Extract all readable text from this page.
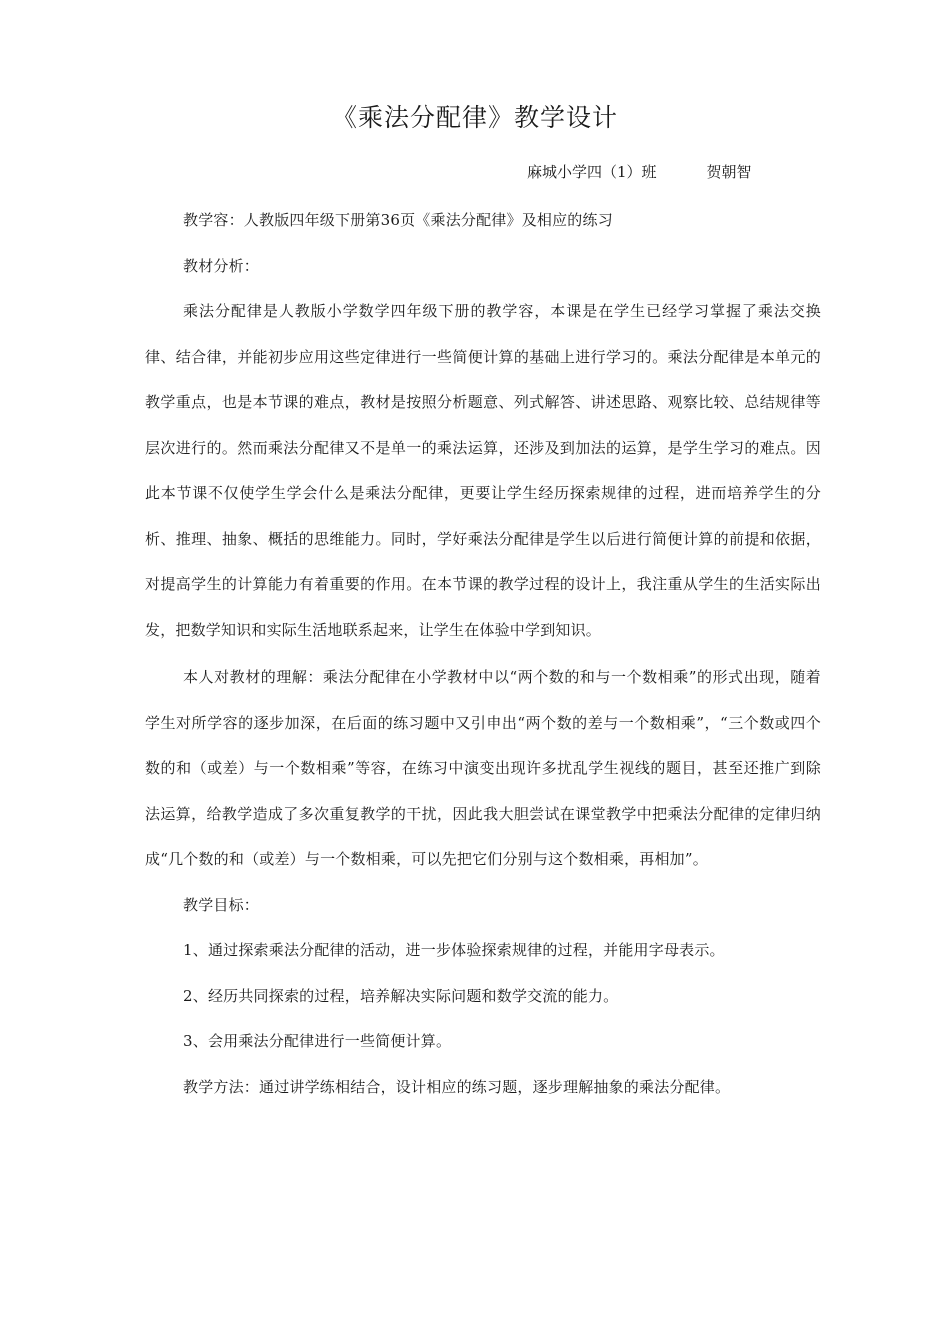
《乘法分配律》教学设计
麻城小学四（1）班	贺朝智

教学容：人教版四年级下册第36页《乘法分配律》及相应的练习

教材分析：

乘法分配律是人教版小学数学四年级下册的教学容，本课是在学生已经学习掌握了乘法交换律、结合律，并能初步应用这些定律进行一些简便计算的基础上进行学习的。乘法分配律是本单元的教学重点，也是本节课的难点，教材是按照分析题意、列式解答、讲述思路、观察比较、总结规律等层次进行的。然而乘法分配律又不是单一的乘法运算，还涉及到加法的运算，是学生学习的难点。因此本节课不仅使学生学会什么是乘法分配律，更要让学生经历探索规律的过程，进而培养学生的分析、推理、抽象、概括的思维能力。同时，学好乘法分配律是学生以后进行简便计算的前提和依据，对提高学生的计算能力有着重要的作用。在本节课的教学过程的设计上，我注重从学生的生活实际出发，把数学知识和实际生活地联系起来，让学生在体验中学到知识。

本人对教材的理解：乘法分配律在小学教材中以“两个数的和与一个数相乘”的形式出现，随着学生对所学容的逐步加深，在后面的练习题中又引申出“两个数的差与一个数相乘”，“三个数或四个数的和（或差）与一个数相乘”等容，在练习中演变出现许多扰乱学生视线的题目，甚至还推广到除法运算，给教学造成了多次重复教学的干扰，因此我大胆尝试在课堂教学中把乘法分配律的定律归纳成“几个数的和（或差）与一个数相乘，可以先把它们分别与这个数相乘，再相加”。

教学目标：

1、通过探索乘法分配律的活动，进一步体验探索规律的过程，并能用字母表示。

2、经历共同探索的过程，培养解决实际问题和数学交流的能力。

3、会用乘法分配律进行一些简便计算。

教学方法：通过讲学练相结合，设计相应的练习题，逐步理解抽象的乘法分配律。
